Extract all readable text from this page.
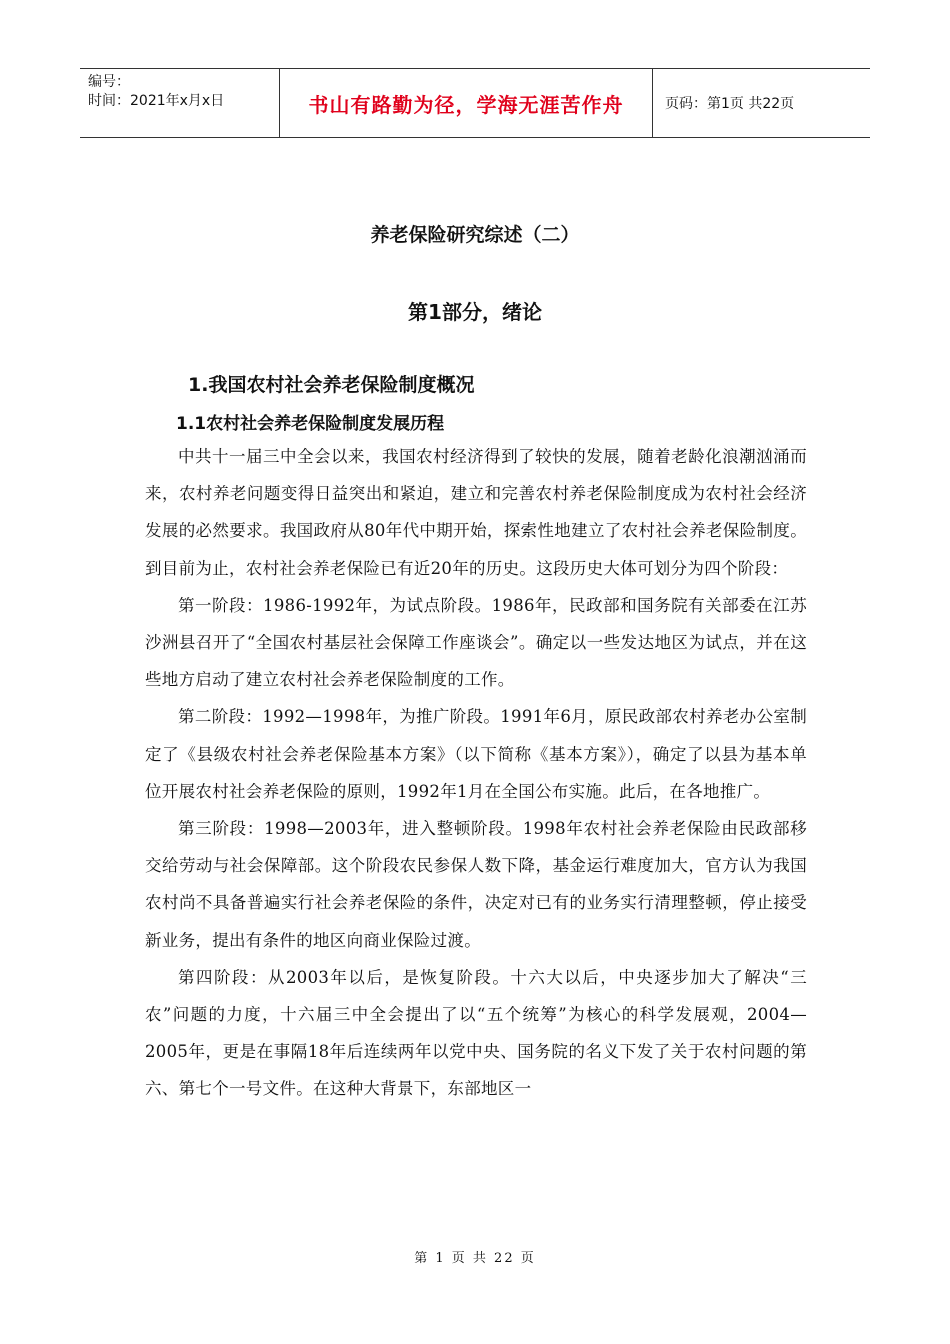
编号：
时间：2021年x月x日	书山有路勤为径，学海无涯苦作舟	页码：第1页 共22页
养老保险研究综述（二）
第1部分，绪论
1.我国农村社会养老保险制度概况
1.1农村社会养老保险制度发展历程

中共十一届三中全会以来，我国农村经济得到了较快的发展，随着老龄化浪潮汹涌而来，农村养老问题变得日益突出和紧迫，建立和完善农村养老保险制度成为农村社会经济发展的必然要求。我国政府从80年代中期开始，探索性地建立了农村社会养老保险制度。到目前为止，农村社会养老保险已有近20年的历史。这段历史大体可划分为四个阶段：

第一阶段：1986-1992年，为试点阶段。1986年，民政部和国务院有关部委在江苏沙洲县召开了“全国农村基层社会保障工作座谈会”。确定以一些发达地区为试点，并在这些地方启动了建立农村社会养老保险制度的工作。

第二阶段：1992—1998年，为推广阶段。1991年6月，原民政部农村养老办公室制定了《县级农村社会养老保险基本方案》（以下简称《基本方案》），确定了以县为基本单位开展农村社会养老保险的原则，1992年1月在全国公布实施。此后，在各地推广。

第三阶段：1998—2003年，进入整顿阶段。1998年农村社会养老保险由民政部移交给劳动与社会保障部。这个阶段农民参保人数下降，基金运行难度加大，官方认为我国农村尚不具备普遍实行社会养老保险的条件，决定对已有的业务实行清理整顿，停止接受新业务，提出有条件的地区向商业保险过渡。

第四阶段：从2003年以后，是恢复阶段。十六大以后，中央逐步加大了解决“三农”问题的力度，十六届三中全会提出了以“五个统筹”为核心的科学发展观，2004—2005年，更是在事隔18年后连续两年以党中央、国务院的名义下发了关于农村问题的第六、第七个一号文件。在这种大背景下，东部地区一

第 1 页 共 22 页
